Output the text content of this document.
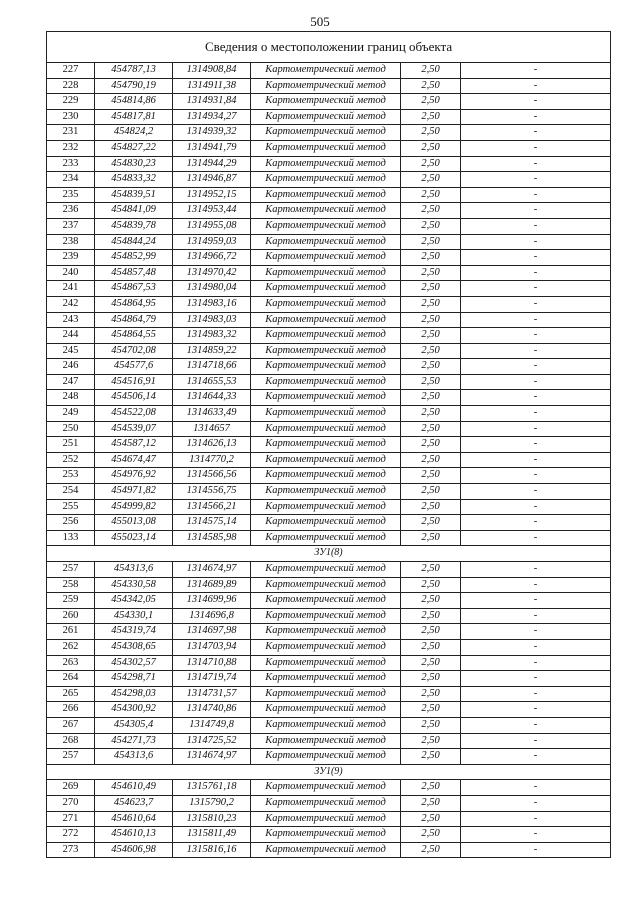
505
Сведения о местоположении границ объекта					
227	454787,13	1314908,84	Картометрический метод	2,50	-
228	454790,19	1314911,38	Картометрический метод	2,50	-
229	454814,86	1314931,84	Картометрический метод	2,50	-
230	454817,81	1314934,27	Картометрический метод	2,50	-
231	454824,2	1314939,32	Картометрический метод	2,50	-
232	454827,22	1314941,79	Картометрический метод	2,50	-
233	454830,23	1314944,29	Картометрический метод	2,50	-
234	454833,32	1314946,87	Картометрический метод	2,50	-
235	454839,51	1314952,15	Картометрический метод	2,50	-
236	454841,09	1314953,44	Картометрический метод	2,50	-
237	454839,78	1314955,08	Картометрический метод	2,50	-
238	454844,24	1314959,03	Картометрический метод	2,50	-
239	454852,99	1314966,72	Картометрический метод	2,50	-
240	454857,48	1314970,42	Картометрический метод	2,50	-
241	454867,53	1314980,04	Картометрический метод	2,50	-
242	454864,95	1314983,16	Картометрический метод	2,50	-
243	454864,79	1314983,03	Картометрический метод	2,50	-
244	454864,55	1314983,32	Картометрический метод	2,50	-
245	454702,08	1314859,22	Картометрический метод	2,50	-
246	454577,6	1314718,66	Картометрический метод	2,50	-
247	454516,91	1314655,53	Картометрический метод	2,50	-
248	454506,14	1314644,33	Картометрический метод	2,50	-
249	454522,08	1314633,49	Картометрический метод	2,50	-
250	454539,07	1314657	Картометрический метод	2,50	-
251	454587,12	1314626,13	Картометрический метод	2,50	-
252	454674,47	1314770,2	Картометрический метод	2,50	-
253	454976,92	1314566,56	Картометрический метод	2,50	-
254	454971,82	1314556,75	Картометрический метод	2,50	-
255	454999,82	1314566,21	Картометрический метод	2,50	-
256	455013,08	1314575,14	Картометрический метод	2,50	-
133	455023,14	1314585,98	Картометрический метод	2,50	-
ЗУ1(8)					
257	454313,6	1314674,97	Картометрический метод	2,50	-
258	454330,58	1314689,89	Картометрический метод	2,50	-
259	454342,05	1314699,96	Картометрический метод	2,50	-
260	454330,1	1314696,8	Картометрический метод	2,50	-
261	454319,74	1314697,98	Картометрический метод	2,50	-
262	454308,65	1314703,94	Картометрический метод	2,50	-
263	454302,57	1314710,88	Картометрический метод	2,50	-
264	454298,71	1314719,74	Картометрический метод	2,50	-
265	454298,03	1314731,57	Картометрический метод	2,50	-
266	454300,92	1314740,86	Картометрический метод	2,50	-
267	454305,4	1314749,8	Картометрический метод	2,50	-
268	454271,73	1314725,52	Картометрический метод	2,50	-
257	454313,6	1314674,97	Картометрический метод	2,50	-
ЗУ1(9)					
269	454610,49	1315761,18	Картометрический метод	2,50	-
270	454623,7	1315790,2	Картометрический метод	2,50	-
271	454610,64	1315810,23	Картометрический метод	2,50	-
272	454610,13	1315811,49	Картометрический метод	2,50	-
273	454606,98	1315816,16	Картометрический метод	2,50	-
